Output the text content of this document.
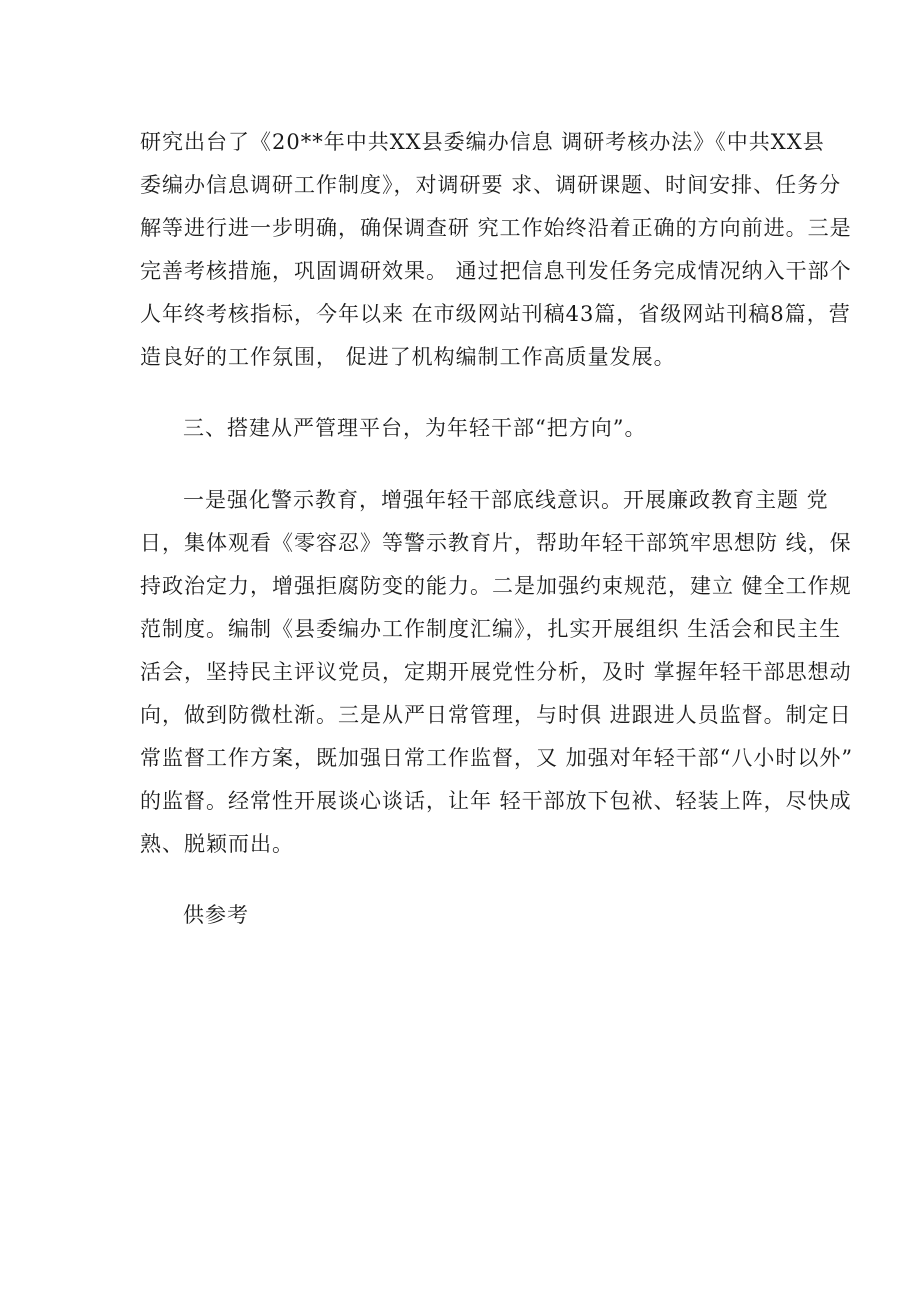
研究出台了《20**年中共XX县委编办信息 调研考核办法》《中共XX县
委编办信息调研工作制度》，对调研要 求、调研课题、时间安排、任务分
解等进行进一步明确，确保调查研 究工作始终沿着正确的方向前进。三是
完善考核措施，巩固调研效果。 通过把信息刊发任务完成情况纳入干部个
人年终考核指标，今年以来 在市级网站刊稿43篇，省级网站刊稿8篇，营
造良好的工作氛围， 促进了机构编制工作高质量发展。
三、搭建从严管理平台，为年轻干部“把方向”。
一是强化警示教育，增强年轻干部底线意识。开展廉政教育主题 党
日，集体观看《零容忍》等警示教育片，帮助年轻干部筑牢思想防 线，保
持政治定力，增强拒腐防变的能力。二是加强约束规范，建立 健全工作规
范制度。编制《县委编办工作制度汇编》，扎实开展组织 生活会和民主生
活会，坚持民主评议党员，定期开展党性分析，及时 掌握年轻干部思想动
向，做到防微杜渐。三是从严日常管理，与时俱 进跟进人员监督。制定日
常监督工作方案，既加强日常工作监督，又 加强对年轻干部“八小时以外”
的监督。经常性开展谈心谈话，让年 轻干部放下包袱、轻装上阵，尽快成
熟、脱颖而出。
供参考
